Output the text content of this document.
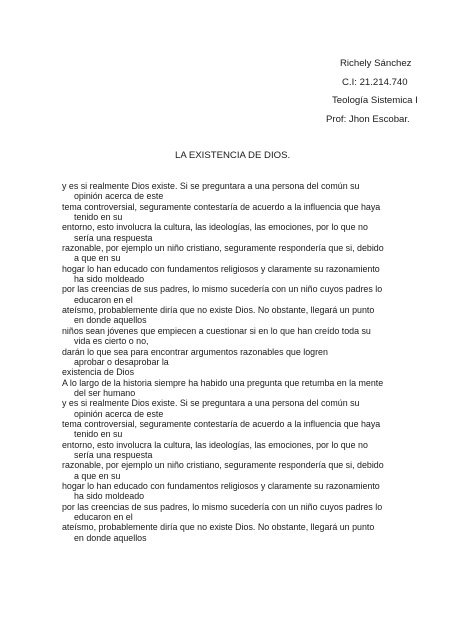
Richely Sánchez
C.I: 21.214.740
Teología Sistemica I
Prof: Jhon Escobar.
LA EXISTENCIA DE DIOS.
y es si realmente Dios existe. Si se preguntara a una persona del común su
opinión acerca de este
tema controversial, seguramente contestaría de acuerdo a la influencia que haya
tenido en su
entorno, esto involucra la cultura, las ideologías, las emociones, por lo que no
sería una respuesta
razonable, por ejemplo un niño cristiano, seguramente respondería que si, debido
a que en su
hogar lo han educado con fundamentos religiosos y claramente su razonamiento
ha sido moldeado
por las creencias de sus padres, lo mismo sucedería con un niño cuyos padres lo
educaron en el
ateísmo, probablemente diría que no existe Dios. No obstante, llegará un punto
en donde aquellos
niños sean jóvenes que empiecen a cuestionar si en lo que han creído toda su
vida es cierto o no,
darán lo que sea para encontrar argumentos razonables que logren
aprobar o desaprobar la
existencia de Dios
A lo largo de la historia siempre ha habido una pregunta que retumba en la mente
del ser humano
y es si realmente Dios existe. Si se preguntara a una persona del común su
opinión acerca de este
tema controversial, seguramente contestaría de acuerdo a la influencia que haya
tenido en su
entorno, esto involucra la cultura, las ideologías, las emociones, por lo que no
sería una respuesta
razonable, por ejemplo un niño cristiano, seguramente respondería que si, debido
a que en su
hogar lo han educado con fundamentos religiosos y claramente su razonamiento
ha sido moldeado
por las creencias de sus padres, lo mismo sucedería con un niño cuyos padres lo
educaron en el
ateísmo, probablemente diría que no existe Dios. No obstante, llegará un punto
en donde aquellos
